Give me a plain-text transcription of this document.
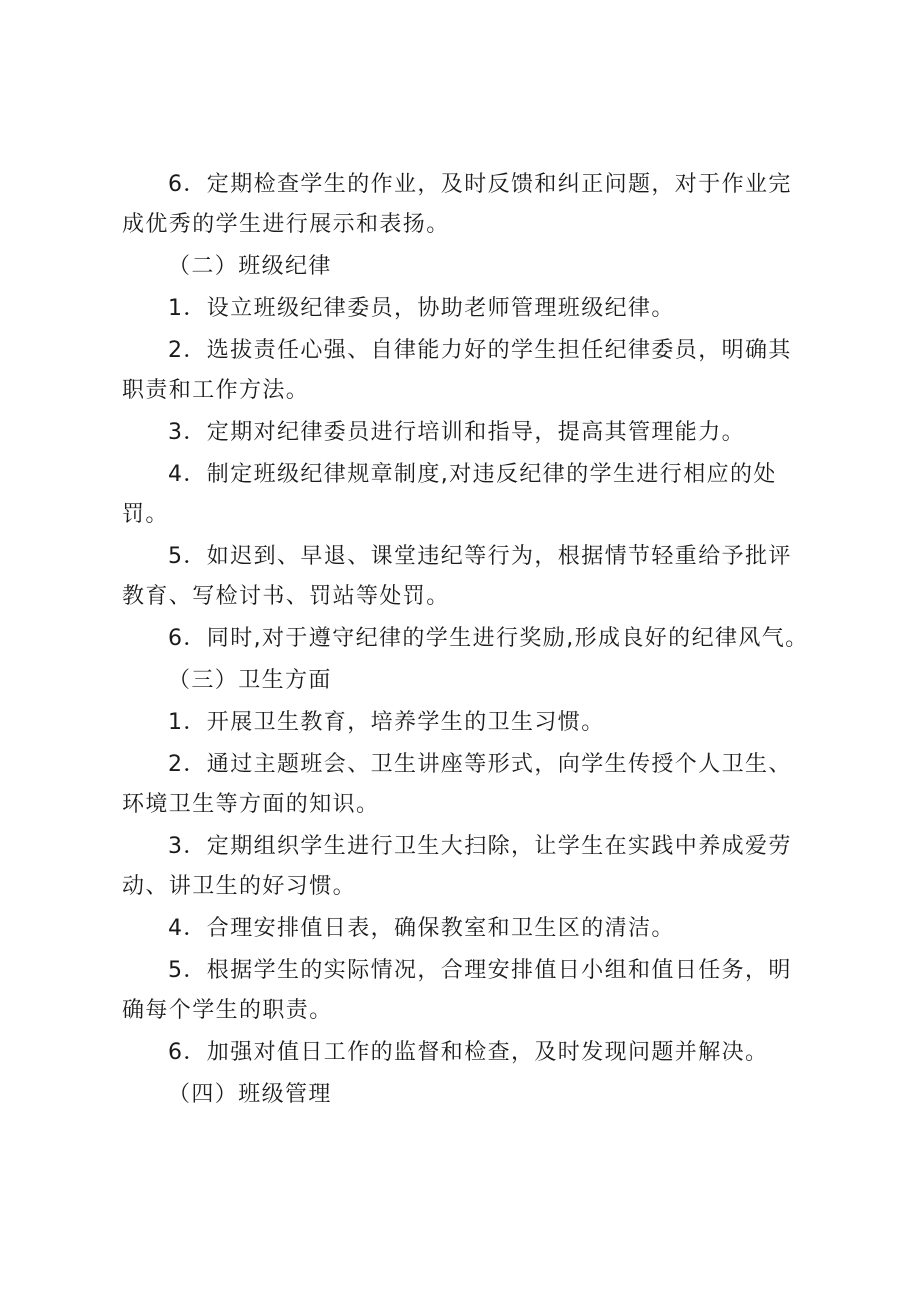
6．定期检查学生的作业，及时反馈和纠正问题，对于作业完成优秀的学生进行展示和表扬。

（二）班级纪律

1．设立班级纪律委员，协助老师管理班级纪律。

2．选拔责任心强、自律能力好的学生担任纪律委员，明确其职责和工作方法。

3．定期对纪律委员进行培训和指导，提高其管理能力。

4．制定班级纪律规章制度,对违反纪律的学生进行相应的处罚。

5．如迟到、早退、课堂违纪等行为，根据情节轻重给予批评教育、写检讨书、罚站等处罚。

6．同时,对于遵守纪律的学生进行奖励,形成良好的纪律风气。

（三）卫生方面

1．开展卫生教育，培养学生的卫生习惯。

2．通过主题班会、卫生讲座等形式，向学生传授个人卫生、环境卫生等方面的知识。

3．定期组织学生进行卫生大扫除，让学生在实践中养成爱劳动、讲卫生的好习惯。

4．合理安排值日表，确保教室和卫生区的清洁。

5．根据学生的实际情况，合理安排值日小组和值日任务，明确每个学生的职责。

6．加强对值日工作的监督和检查，及时发现问题并解决。

（四）班级管理
